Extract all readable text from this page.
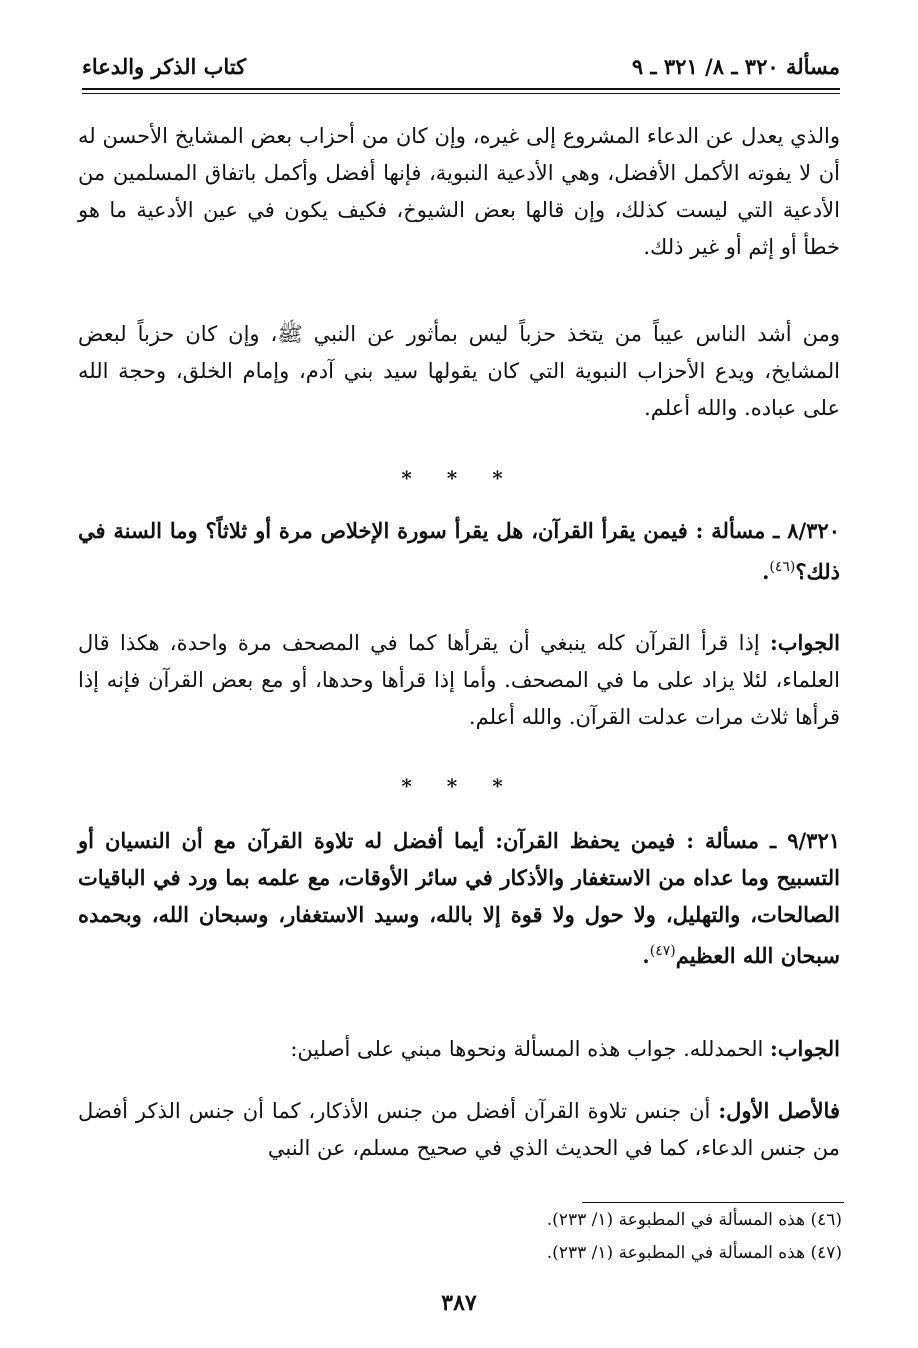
مسألة ٣٢٠ ـ ٨/ ٣٢١ ـ ٩
كتاب الذكر والدعاء

والذي يعدل عن الدعاء المشروع إلى غيره، وإن كان من أحزاب بعض المشايخ الأحسن له أن لا يفوته الأكمل الأفضل، وهي الأدعية النبوية، فإنها أفضل وأكمل باتفاق المسلمين من الأدعية التي ليست كذلك، وإن قالها بعض الشيوخ، فكيف يكون في عين الأدعية ما هو خطأ أو إثم أو غير ذلك.

ومن أشد الناس عيباً من يتخذ حزباً ليس بمأثور عن النبي ﷺ، وإن كان حزباً لبعض المشايخ، ويدع الأحزاب النبوية التي كان يقولها سيد بني آدم، وإمام الخلق، وحجة الله على عباده. والله أعلم.

* * *

٨/٣٢٠ ـ مسألة : فيمن يقرأ القرآن، هل يقرأ سورة الإخلاص مرة أو ثلاثاً؟ وما السنة في ذلك؟$^{(٤٦)}$.

الجواب: إذا قرأ القرآن كله ينبغي أن يقرأها كما في المصحف مرة واحدة، هكذا قال العلماء، لئلا يزاد على ما في المصحف. وأما إذا قرأها وحدها، أو مع بعض القرآن فإنه إذا قرأها ثلاث مرات عدلت القرآن. والله أعلم.

* * *

٩/٣٢١ ـ مسألة : فيمن يحفظ القرآن: أيما أفضل له تلاوة القرآن مع أن النسيان أو التسبيح وما عداه من الاستغفار والأذكار في سائر الأوقات، مع علمه بما ورد في الباقيات الصالحات، والتهليل، ولا حول ولا قوة إلا بالله، وسيد الاستغفار، وسبحان الله، وبحمده سبحان الله العظيم$^{(٤٧)}$.

الجواب: الحمدلله. جواب هذه المسألة ونحوها مبني على أصلين:

فالأصل الأول: أن جنس تلاوة القرآن أفضل من جنس الأذكار، كما أن جنس الذكر أفضل من جنس الدعاء، كما في الحديث الذي في صحيح مسلم، عن النبي

(٤٦) هذه المسألة في المطبوعة (١/ ٢٣٣).

(٤٧) هذه المسألة في المطبوعة (١/ ٢٣٣).

٣٨٧
